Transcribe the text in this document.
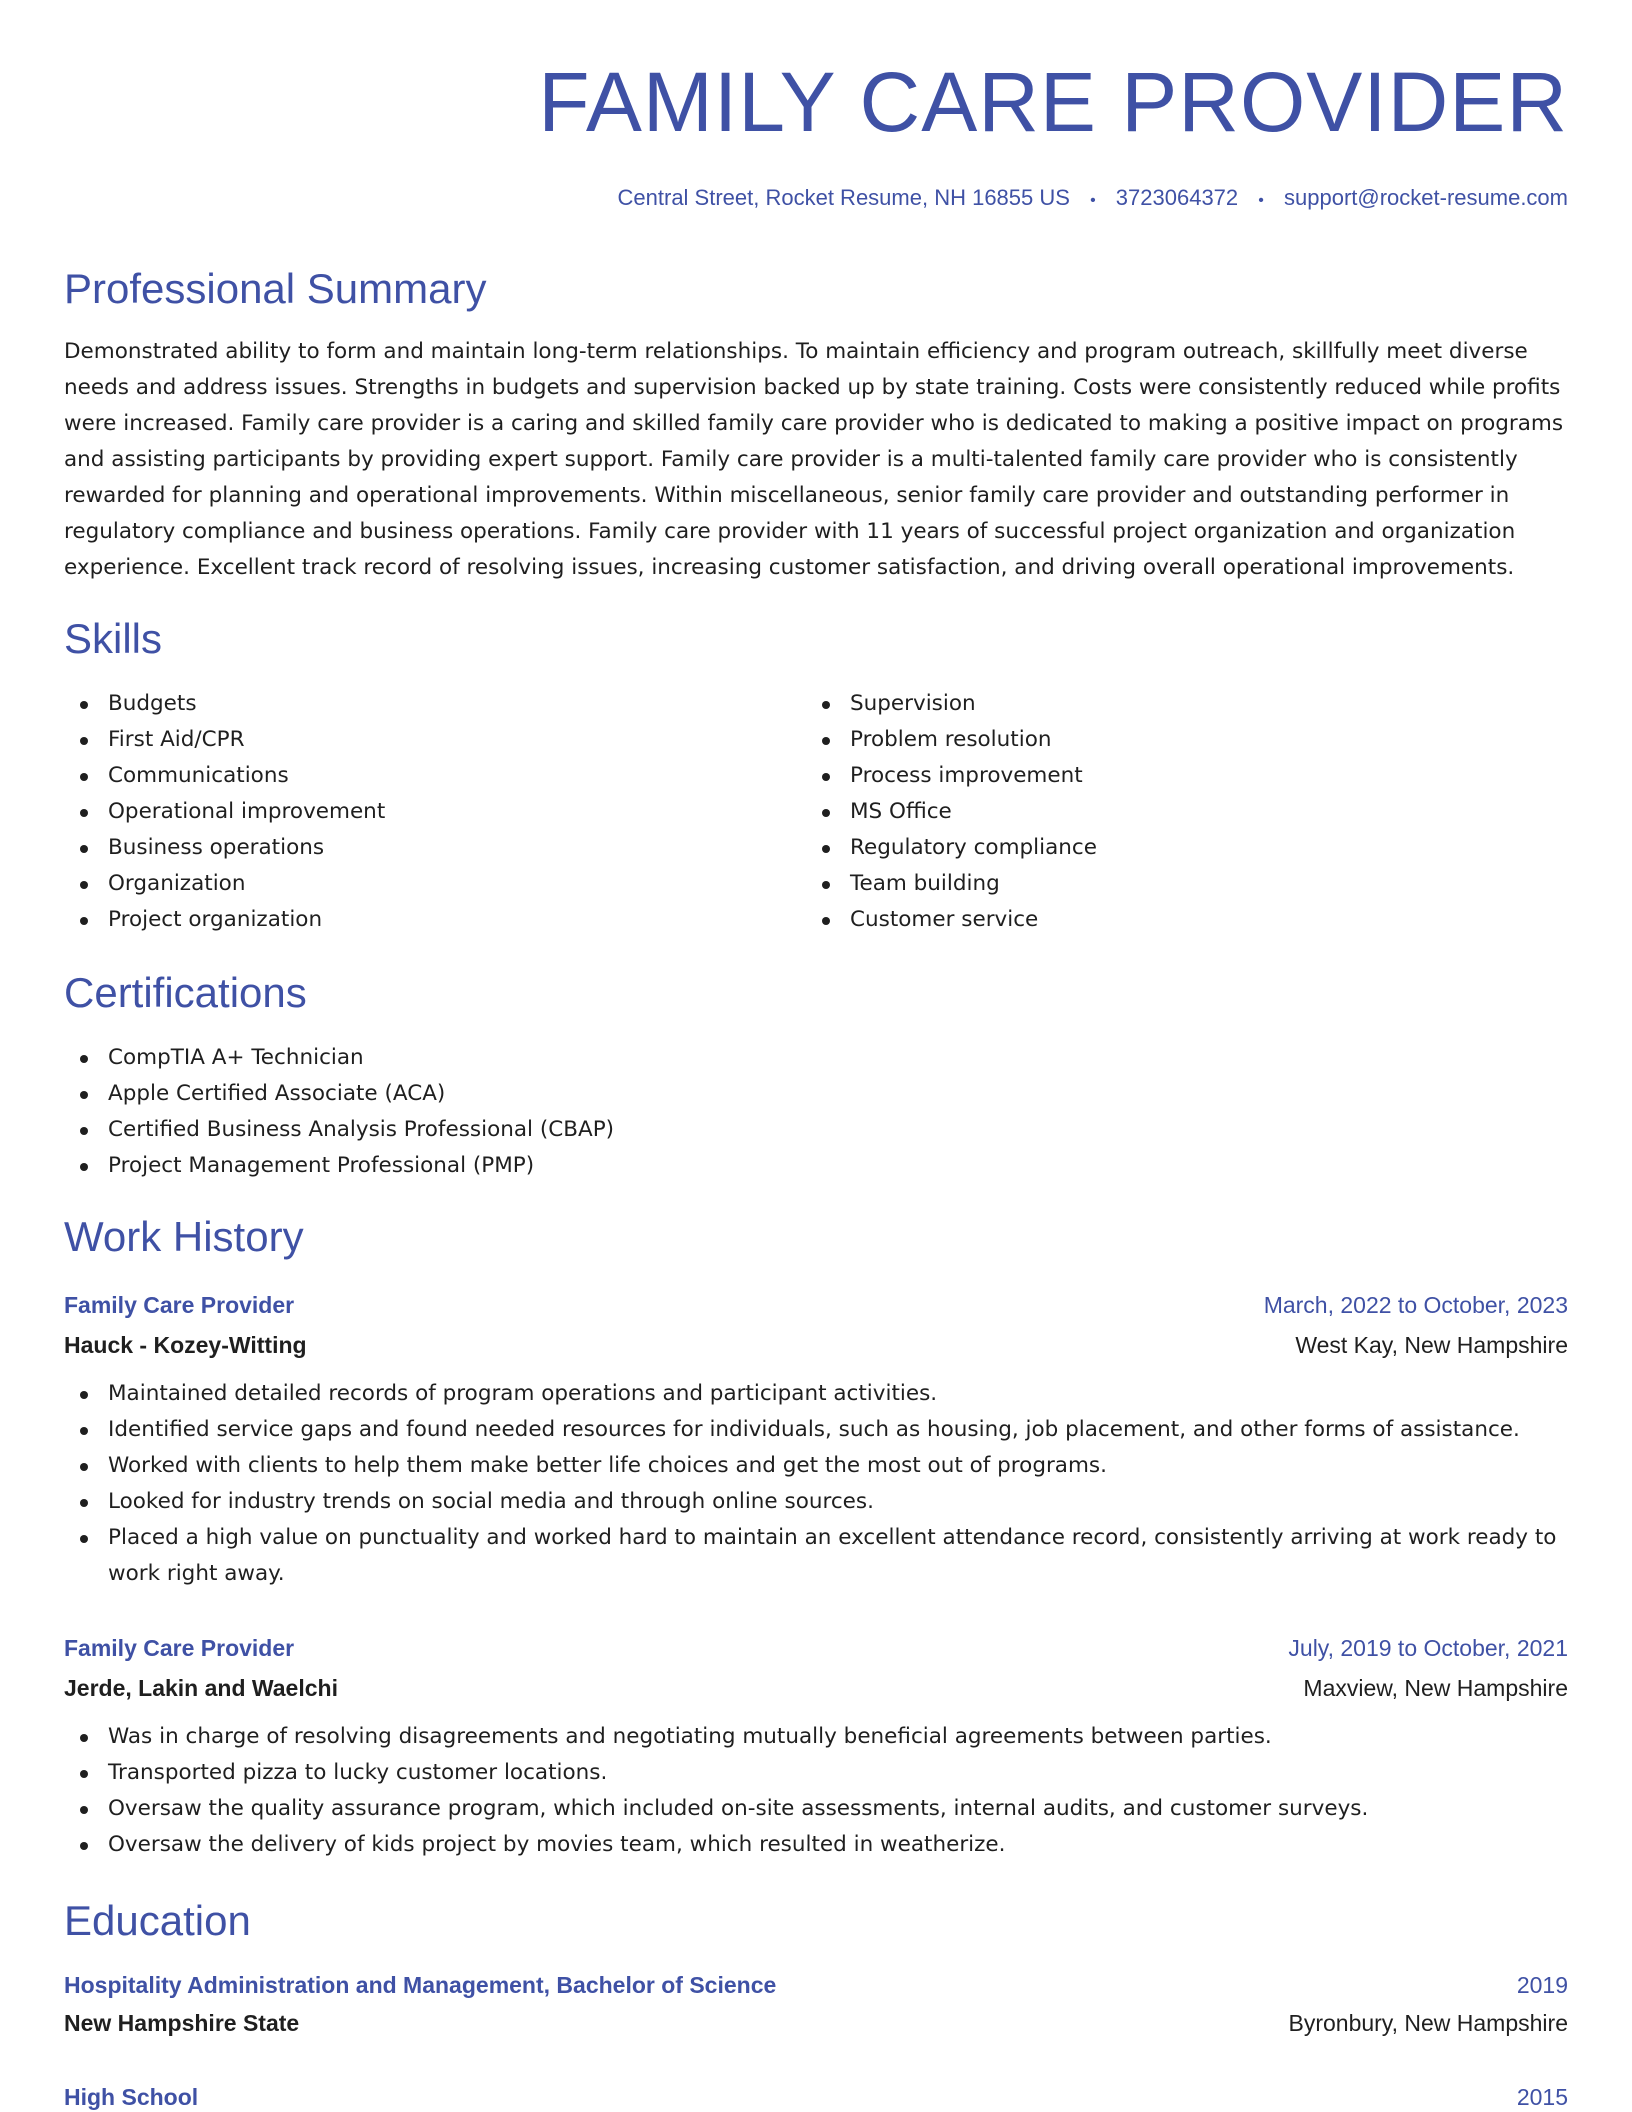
FAMILY CARE PROVIDER
Central Street, Rocket Resume, NH 16855 US • 3723064372 • support@rocket-resume.com
Professional Summary
Demonstrated ability to form and maintain long-term relationships. To maintain efficiency and program outreach, skillfully meet diverse needs and address issues. Strengths in budgets and supervision backed up by state training. Costs were consistently reduced while profits were increased. Family care provider is a caring and skilled family care provider who is dedicated to making a positive impact on programs and assisting participants by providing expert support. Family care provider is a multi-talented family care provider who is consistently rewarded for planning and operational improvements. Within miscellaneous, senior family care provider and outstanding performer in regulatory compliance and business operations. Family care provider with 11 years of successful project organization and organization experience. Excellent track record of resolving issues, increasing customer satisfaction, and driving overall operational improvements.
Skills
Budgets
First Aid/CPR
Communications
Operational improvement
Business operations
Organization
Project organization
Supervision
Problem resolution
Process improvement
MS Office
Regulatory compliance
Team building
Customer service
Certifications
CompTIA A+ Technician
Apple Certified Associate (ACA)
Certified Business Analysis Professional (CBAP)
Project Management Professional (PMP)
Work History
Family Care Provider	March, 2022 to October, 2023
Hauck - Kozey-Witting	West Kay, New Hampshire
Maintained detailed records of program operations and participant activities.
Identified service gaps and found needed resources for individuals, such as housing, job placement, and other forms of assistance.
Worked with clients to help them make better life choices and get the most out of programs.
Looked for industry trends on social media and through online sources.
Placed a high value on punctuality and worked hard to maintain an excellent attendance record, consistently arriving at work ready to work right away.
Family Care Provider	July, 2019 to October, 2021
Jerde, Lakin and Waelchi	Maxview, New Hampshire
Was in charge of resolving disagreements and negotiating mutually beneficial agreements between parties.
Transported pizza to lucky customer locations.
Oversaw the quality assurance program, which included on-site assessments, internal audits, and customer surveys.
Oversaw the delivery of kids project by movies team, which resulted in weatherize.
Education
Hospitality Administration and Management, Bachelor of Science	2019
New Hampshire State	Byronbury, New Hampshire
High School	2015
